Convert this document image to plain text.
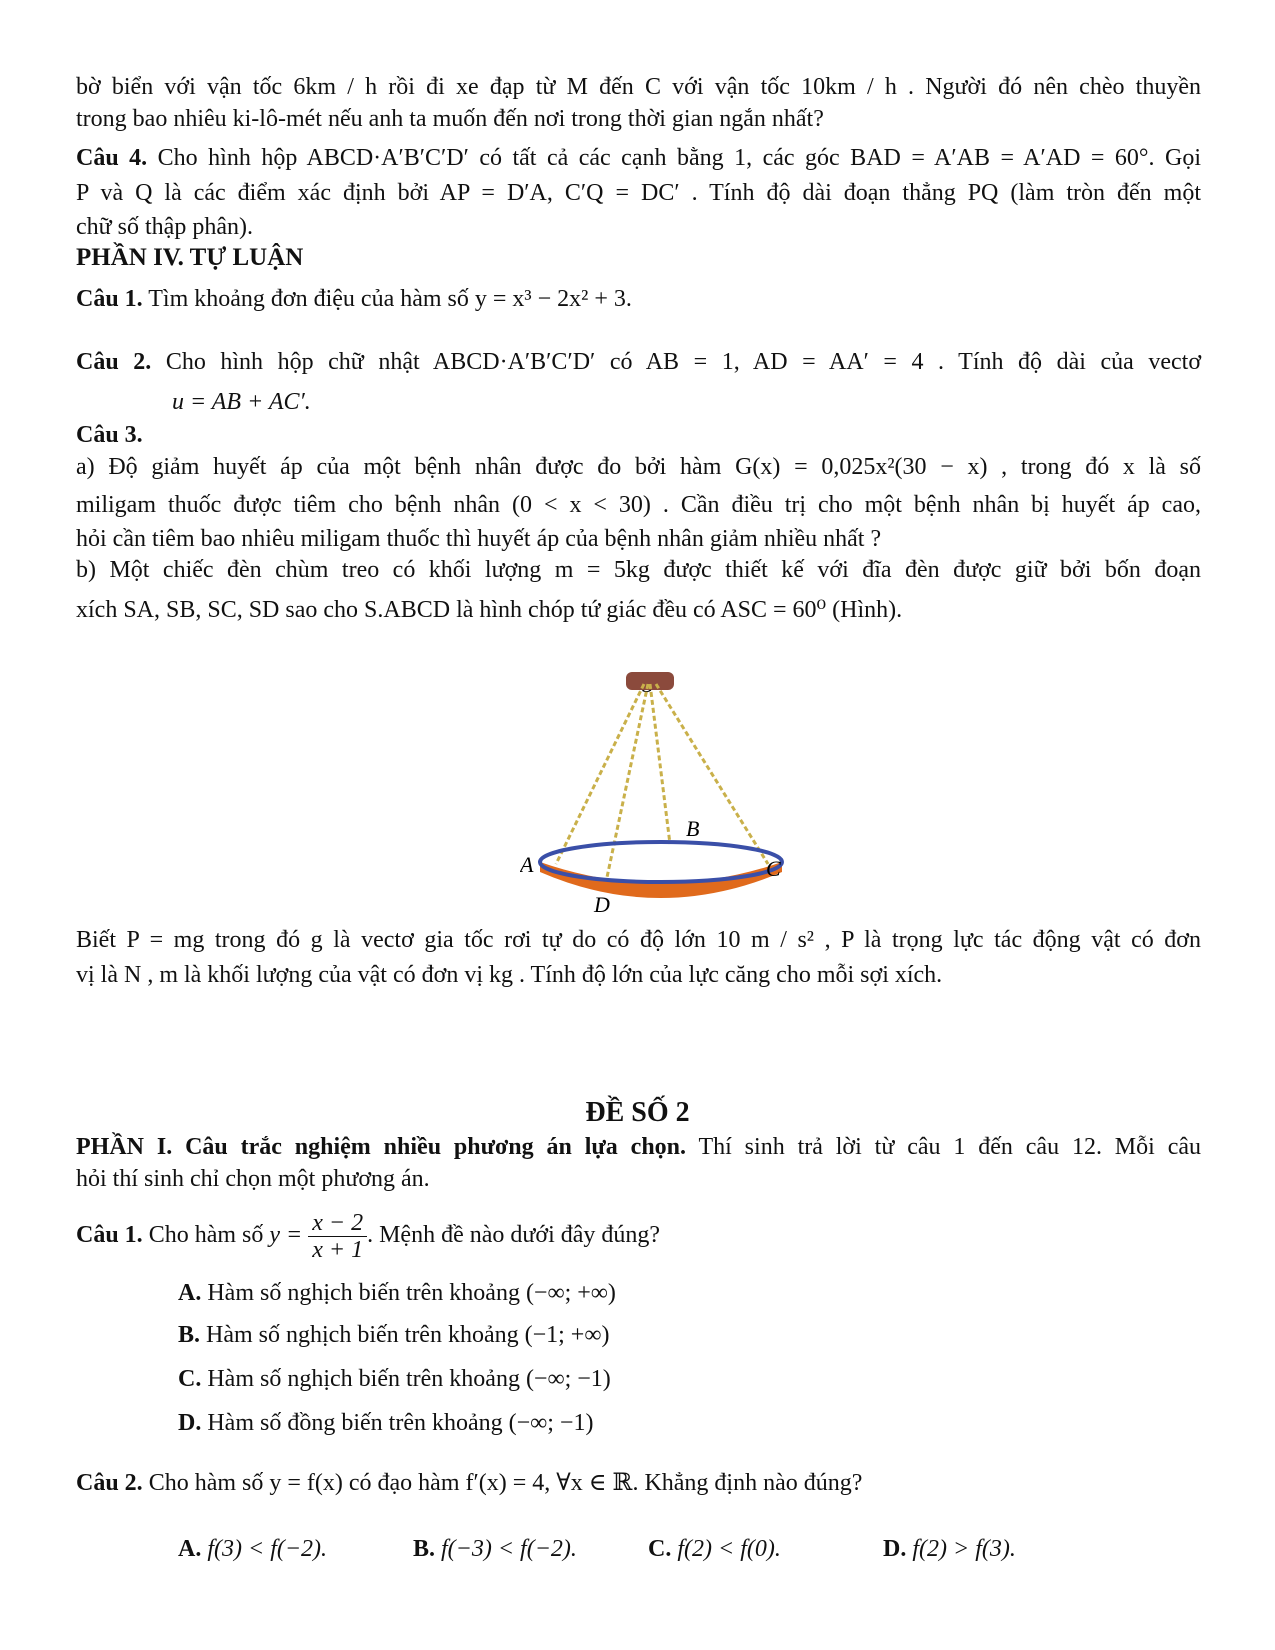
bờ biển với vận tốc 6km / h rồi đi xe đạp từ M đến C với vận tốc 10km / h . Người đó nên chèo thuyền
trong bao nhiêu ki-lô-mét nếu anh ta muốn đến nơi trong thời gian ngắn nhất?
Câu 4. Cho hình hộp ABCD·A′B′C′D′ có tất cả các cạnh bằng 1, các góc BAD = A′AB = A′AD = 60°. Gọi
P và Q là các điểm xác định bởi AP = D′A, C′Q = DC′ . Tính độ dài đoạn thẳng PQ (làm tròn đến một
chữ số thập phân).
PHẦN IV. TỰ LUẬN
Câu 1. Tìm khoảng đơn điệu của hàm số y = x³ − 2x² + 3.
Câu 2. Cho hình hộp chữ nhật ABCD·A′B′C′D′ có AB = 1, AD = AA′ = 4 . Tính độ dài của vectơ
u = AB + AC′.
Câu 3.
a) Độ giảm huyết áp của một bệnh nhân được đo bởi hàm G(x) = 0,025x²(30 − x) , trong đó x là số
miligam thuốc được tiêm cho bệnh nhân (0 < x < 30) . Cần điều trị cho một bệnh nhân bị huyết áp cao,
hỏi cần tiêm bao nhiêu miligam thuốc thì huyết áp của bệnh nhân giảm nhiều nhất ?
b) Một chiếc đèn chùm treo có khối lượng m = 5kg được thiết kế với đĩa đèn được giữ bởi bốn đoạn
xích SA, SB, SC, SD sao cho S.ABCD là hình chóp tứ giác đều có ASC = 60⁰ (Hình).
B
A	C
D
Biết P = mg trong đó g là vectơ gia tốc rơi tự do có độ lớn 10 m / s² , P là trọng lực tác động vật có đơn
vị là N , m là khối lượng của vật có đơn vị kg . Tính độ lớn của lực căng cho mỗi sợi xích.
ĐỀ SỐ 2
PHẦN I. Câu trắc nghiệm nhiều phương án lựa chọn. Thí sinh trả lời từ câu 1 đến câu 12. Mỗi câu
hỏi thí sinh chỉ chọn một phương án.
Câu 1. Cho hàm số $y = \frac{x - 2}{x + 1}$ . Mệnh đề nào dưới đây đúng?
A. Hàm số nghịch biến trên khoảng (−∞; +∞)
B. Hàm số nghịch biến trên khoảng (−1; +∞)
C. Hàm số nghịch biến trên khoảng (−∞; −1)
D. Hàm số đồng biến trên khoảng (−∞; −1)
Câu 2. Cho hàm số y = f(x) có đạo hàm f′(x) = 4, ∀x ∈ ℝ. Khẳng định nào đúng?
A. f(3) < f(−2).	B. f(−3) < f(−2).	C. f(2) < f(0).	D. f(2) > f(3).
